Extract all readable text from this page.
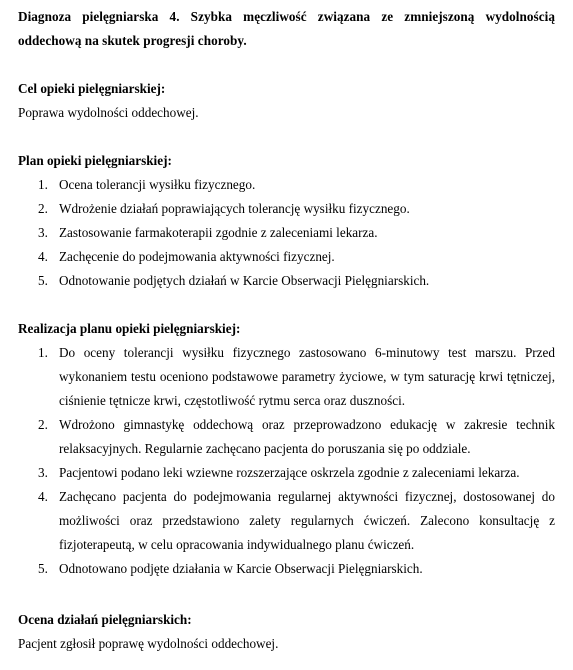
Diagnoza pielęgniarska 4. Szybka męczliwość związana ze zmniejszoną wydolnością oddechową na skutek progresji choroby.

Cel opieki pielęgniarskiej:

Poprawa wydolności oddechowej.

Plan opieki pielęgniarskiej:

1. Ocena tolerancji wysiłku fizycznego.
2. Wdrożenie działań poprawiających tolerancję wysiłku fizycznego.
3. Zastosowanie farmakoterapii zgodnie z zaleceniami lekarza.
4. Zachęcenie do podejmowania aktywności fizycznej.
5. Odnotowanie podjętych działań w Karcie Obserwacji Pielęgniarskich.

Realizacja planu opieki pielęgniarskiej:

1. Do oceny tolerancji wysiłku fizycznego zastosowano 6-minutowy test marszu. Przed wykonaniem testu oceniono podstawowe parametry życiowe, w tym saturację krwi tętniczej, ciśnienie tętnicze krwi, częstotliwość rytmu serca oraz duszności.
2. Wdrożono gimnastykę oddechową oraz przeprowadzono edukację w zakresie technik relaksacyjnych. Regularnie zachęcano pacjenta do poruszania się po oddziale.
3. Pacjentowi podano leki wziewne rozszerzające oskrzela zgodnie z zaleceniami lekarza.
4. Zachęcano pacjenta do podejmowania regularnej aktywności fizycznej, dostosowanej do możliwości oraz przedstawiono zalety regularnych ćwiczeń. Zalecono konsultację z fizjoterapeutą, w celu opracowania indywidualnego planu ćwiczeń.
5. Odnotowano podjęte działania w Karcie Obserwacji Pielęgniarskich.

Ocena działań pielęgniarskich:

Pacjent zgłosił poprawę wydolności oddechowej.
